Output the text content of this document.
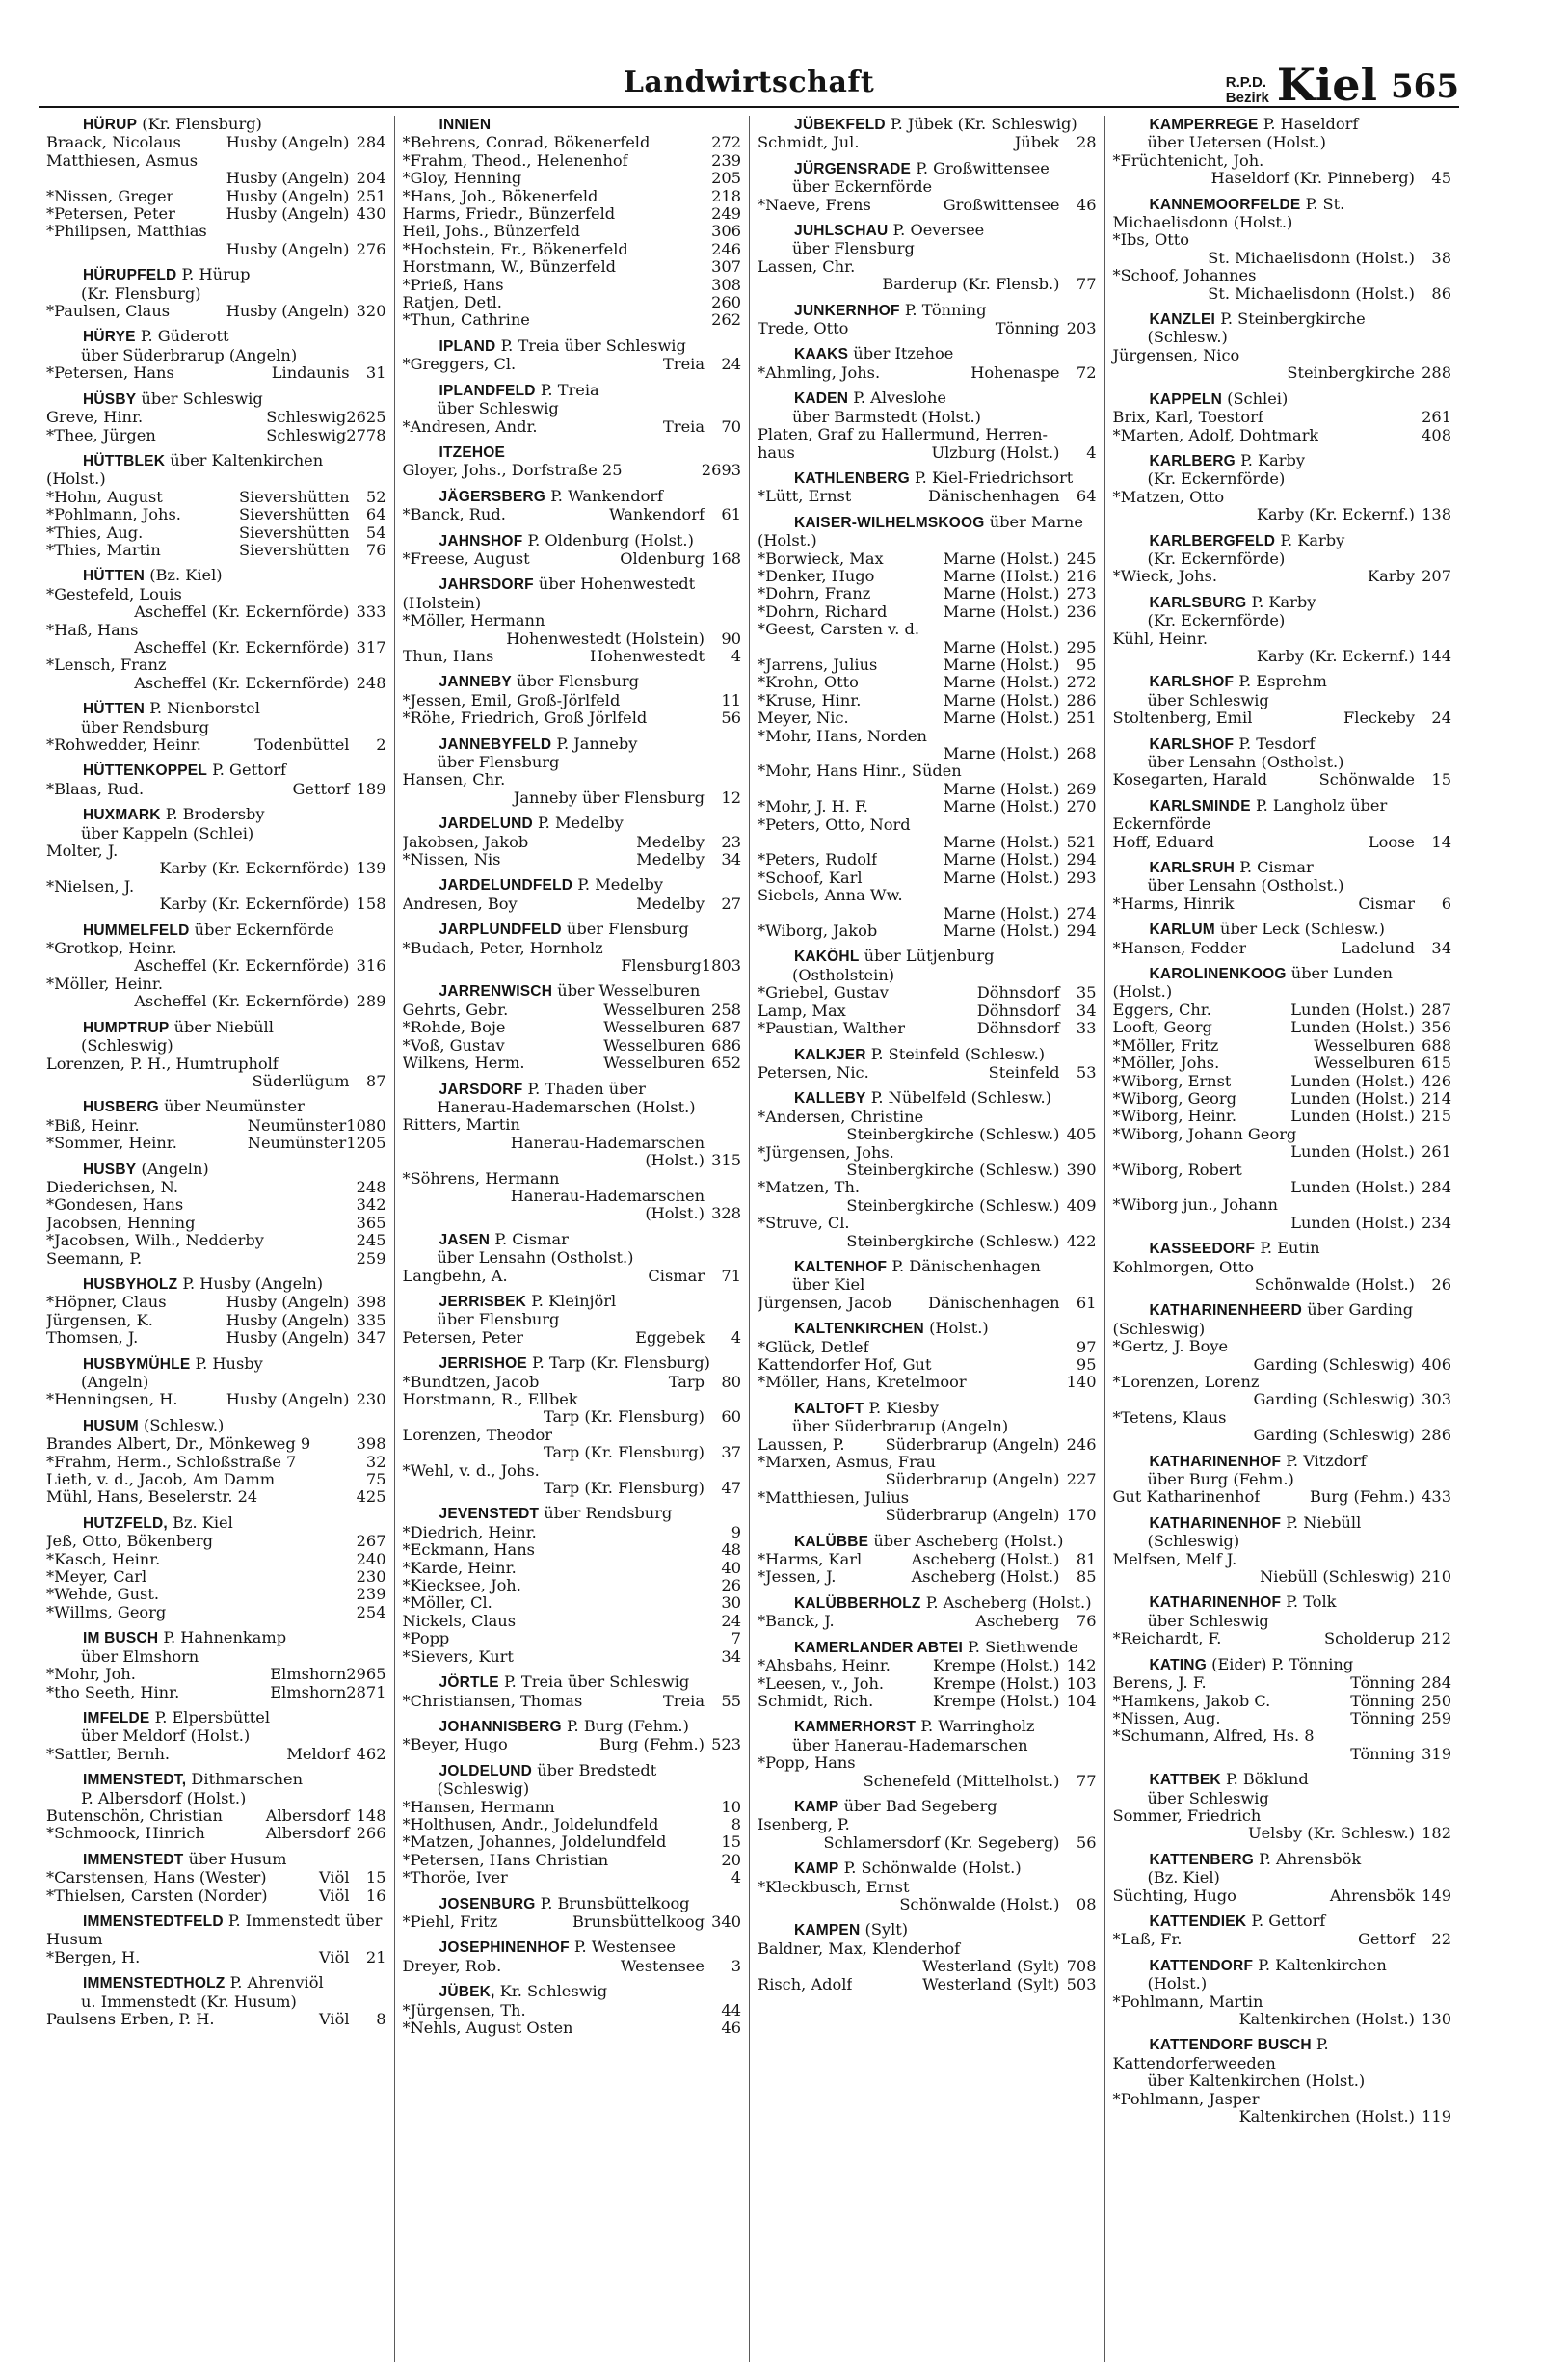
Landwirtschaft	R.P.D.
Bezirk Kiel 565
HÜRUP (Kr. Flensburg)
Braack, Nicolaus	Husby (Angeln) 284
Matthiesen, Asmus
Husby (Angeln) 204
*Nissen, Greger	Husby (Angeln) 251
*Petersen, Peter	Husby (Angeln) 430
*Philipsen, Matthias
Husby (Angeln) 276
HÜRUPFELD P. Hürup
(Kr. Flensburg)
*Paulsen, Claus	Husby (Angeln) 320
HÜRYE P. Güderott
über Süderbrarup (Angeln)
*Petersen, Hans	Lindaunis	31
HÜSBY über Schleswig
Greve, Hinr.	Schleswig 2625
*Thee, Jürgen	Schleswig 2778
HÜTTBLEK über Kaltenkirchen (Holst.)
*Hohn, August	Sievershütten	52
*Pohlmann, Johs.	Sievershütten	64
*Thies, Aug.	Sievershütten	54
*Thies, Martin	Sievershütten	76
HÜTTEN (Bz. Kiel)
*Gestefeld, Louis
Ascheffel (Kr. Eckernförde) 333
*Haß, Hans
Ascheffel (Kr. Eckernförde) 317
*Lensch, Franz
Ascheffel (Kr. Eckernförde) 248
HÜTTEN P. Nienborstel
über Rendsburg
*Rohwedder, Heinr.	Todenbüttel	2
HÜTTENKOPPEL P. Gettorf
*Blaas, Rud.	Gettorf 189
HUXMARK P. Brodersby
über Kappeln (Schlei)
Molter, J.
Karby (Kr. Eckernförde) 139
*Nielsen, J.
Karby (Kr. Eckernförde) 158
HUMMELFELD über Eckernförde
*Grotkop, Heinr.
Ascheffel (Kr. Eckernförde) 316
*Möller, Heinr.
Ascheffel (Kr. Eckernförde) 289
HUMPTRUP über Niebüll
(Schleswig)
Lorenzen, P. H., Humtrupholf
Süderlügum	87
HUSBERG über Neumünster
*Biß, Heinr.	Neumünster 1080
*Sommer, Heinr.	Neumünster 1205
HUSBY (Angeln)
Diederichsen, N.	248
*Gondesen, Hans	342
Jacobsen, Henning	365
*Jacobsen, Wilh., Nedderby	245
Seemann, P.	259
HUSBYHOLZ P. Husby (Angeln)
*Höpner, Claus	Husby (Angeln) 398
Jürgensen, K.	Husby (Angeln) 335
Thomsen, J.	Husby (Angeln) 347
HUSBYMÜHLE P. Husby
(Angeln)
*Henningsen, H.	Husby (Angeln) 230
HUSUM (Schlesw.)
Brandes Albert, Dr., Mönkeweg 9	398
*Frahm, Herm., Schloßstraße 7	32
Lieth, v. d., Jacob, Am Damm	75
Mühl, Hans, Beselerstr. 24	425
HUTZFELD, Bz. Kiel
Jeß, Otto, Bökenberg	267
*Kasch, Heinr.	240
*Meyer, Carl	230
*Wehde, Gust.	239
*Willms, Georg	254
IM BUSCH P. Hahnenkamp
über Elmshorn
*Mohr, Joh.	Elmshorn 2965
*tho Seeth, Hinr.	Elmshorn 2871
IMFELDE P. Elpersbüttel
über Meldorf (Holst.)
*Sattler, Bernh.	Meldorf 462
IMMENSTEDT, Dithmarschen
P. Albersdorf (Holst.)
Butenschön, Christian	Albersdorf 148
*Schmoock, Hinrich	Albersdorf 266
IMMENSTEDT über Husum
*Carstensen, Hans (Wester)	Viöl	15
*Thielsen, Carsten (Norder)	Viöl	16
IMMENSTEDTFELD P. Immenstedt über Husum
*Bergen, H.	Viöl	21
IMMENSTEDTHOLZ P. Ahrenviöl
u. Immenstedt (Kr. Husum)
Paulsens Erben, P. H.	Viöl	8
INNIEN
*Behrens, Conrad, Bökenerfeld	272
*Frahm, Theod., Helenenhof	239
*Gloy, Henning	205
*Hans, Joh., Bökenerfeld	218
Harms, Friedr., Bünzerfeld	249
Heil, Johs., Bünzerfeld	306
*Hochstein, Fr., Bökenerfeld	246
Horstmann, W., Bünzerfeld	307
*Prieß, Hans	308
Ratjen, Detl.	260
*Thun, Cathrine	262
IPLAND P. Treia über Schleswig
*Greggers, Cl.	Treia	24
IPLANDFELD P. Treia
über Schleswig
*Andresen, Andr.	Treia	70
ITZEHOE
Gloyer, Johs., Dorfstraße 25	2693
JÄGERSBERG P. Wankendorf
*Banck, Rud.	Wankendorf	61
JAHNSHOF P. Oldenburg (Holst.)
*Freese, August	Oldenburg 168
JAHRSDORF über Hohenwestedt (Holstein)
*Möller, Hermann
Hohenwestedt (Holstein)	90
Thun, Hans	Hohenwestedt	4
JANNEBY über Flensburg
*Jessen, Emil, Groß-Jörlfeld	11
*Röhe, Friedrich, Groß Jörlfeld	56
JANNEBYFELD P. Janneby
über Flensburg
Hansen, Chr.
Janneby über Flensburg	12
JARDELUND P. Medelby
Jakobsen, Jakob	Medelby	23
*Nissen, Nis	Medelby	34
JARDELUNDFELD P. Medelby
Andresen, Boy	Medelby	27
JARPLUNDFELD über Flensburg
*Budach, Peter, Hornholz
Flensburg 1803
JARRENWISCH über Wesselburen
Gehrts, Gebr.	Wesselburen 258
*Rohde, Boje	Wesselburen 687
*Voß, Gustav	Wesselburen 686
Wilkens, Herm.	Wesselburen 652
JARSDORF P. Thaden über
Hanerau-Hademarschen (Holst.)
Ritters, Martin
Hanerau-Hademarschen
(Holst.) 315
*Söhrens, Hermann
Hanerau-Hademarschen
(Holst.) 328
JASEN P. Cismar
über Lensahn (Ostholst.)
Langbehn, A.	Cismar	71
JERRISBEK P. Kleinjörl
über Flensburg
Petersen, Peter	Eggebek	4
JERRISHOE P. Tarp (Kr. Flensburg)
*Bundtzen, Jacob	Tarp	80
Horstmann, R., Ellbek
Tarp (Kr. Flensburg)	60
Lorenzen, Theodor
Tarp (Kr. Flensburg)	37
*Wehl, v. d., Johs.
Tarp (Kr. Flensburg)	47
JEVENSTEDT über Rendsburg
*Diedrich, Heinr.	9
*Eckmann, Hans	48
*Karde, Heinr.	40
*Kiecksee, Joh.	26
*Möller, Cl.	30
Nickels, Claus	24
*Popp	7
*Sievers, Kurt	34
JÖRTLE P. Treia über Schleswig
*Christiansen, Thomas	Treia	55
JOHANNISBERG P. Burg (Fehm.)
*Beyer, Hugo	Burg (Fehm.) 523
JOLDELUND über Bredstedt
(Schleswig)
*Hansen, Hermann	10
*Holthusen, Andr., Joldelundfeld	8
*Matzen, Johannes, Joldelundfeld	15
*Petersen, Hans Christian	20
*Thoröe, Iver	4
JOSENBURG P. Brunsbüttelkoog
*Piehl, Fritz	Brunsbüttelkoog 340
JOSEPHINENHOF P. Westensee
Dreyer, Rob.	Westensee	3
JÜBEK, Kr. Schleswig
*Jürgensen, Th.	44
*Nehls, August Osten	46
JÜBEKFELD P. Jübek (Kr. Schleswig)
Schmidt, Jul.	Jübek	28
JÜRGENSRADE P. Großwittensee
über Eckernförde
*Naeve, Frens	Großwittensee	46
JUHLSCHAU P. Oeversee
über Flensburg
Lassen, Chr.
Barderup (Kr. Flensb.)	77
JUNKERNHOF P. Tönning
Trede, Otto	Tönning 203
KAAKS über Itzehoe
*Ahmling, Johs.	Hohenaspe	72
KADEN P. Alveslohe
über Barmstedt (Holst.)
Platen, Graf zu Hallermund, Herren-
haus	Ulzburg (Holst.)	4
KATHLENBERG P. Kiel-Friedrichsort
*Lütt, Ernst	Dänischenhagen	64
KAISER-WILHELMSKOOG über Marne (Holst.)
*Borwieck, Max	Marne (Holst.) 245
*Denker, Hugo	Marne (Holst.) 216
*Dohrn, Franz	Marne (Holst.) 273
*Dohrn, Richard	Marne (Holst.) 236
*Geest, Carsten v. d.
Marne (Holst.) 295
*Jarrens, Julius	Marne (Holst.)	95
*Krohn, Otto	Marne (Holst.) 272
*Kruse, Hinr.	Marne (Holst.) 286
Meyer, Nic.	Marne (Holst.) 251
*Mohr, Hans, Norden
Marne (Holst.) 268
*Mohr, Hans Hinr., Süden
Marne (Holst.) 269
*Mohr, J. H. F.	Marne (Holst.) 270
*Peters, Otto, Nord
Marne (Holst.) 521
*Peters, Rudolf	Marne (Holst.) 294
*Schoof, Karl	Marne (Holst.) 293
Siebels, Anna Ww.
Marne (Holst.) 274
*Wiborg, Jakob	Marne (Holst.) 294
KAKÖHL über Lütjenburg
(Ostholstein)
*Griebel, Gustav	Döhnsdorf	35
Lamp, Max	Döhnsdorf	34
*Paustian, Walther	Döhnsdorf	33
KALKJER P. Steinfeld (Schlesw.)
Petersen, Nic.	Steinfeld	53
KALLEBY P. Nübelfeld (Schlesw.)
*Andersen, Christine
Steinbergkirche (Schlesw.) 405
*Jürgensen, Johs.
Steinbergkirche (Schlesw.) 390
*Matzen, Th.
Steinbergkirche (Schlesw.) 409
*Struve, Cl.
Steinbergkirche (Schlesw.) 422
KALTENHOF P. Dänischenhagen
über Kiel
Jürgensen, Jacob	Dänischenhagen	61
KALTENKIRCHEN (Holst.)
*Glück, Detlef	97
Kattendorfer Hof, Gut	95
*Möller, Hans, Kretelmoor	140
KALTOFT P. Kiesby
über Süderbrarup (Angeln)
Laussen, P.	Süderbrarup (Angeln) 246
*Marxen, Asmus, Frau
Süderbrarup (Angeln) 227
*Matthiesen, Julius
Süderbrarup (Angeln) 170
KALÜBBE über Ascheberg (Holst.)
*Harms, Karl	Ascheberg (Holst.)	81
*Jessen, J.	Ascheberg (Holst.)	85
KALÜBBERHOLZ P. Ascheberg (Holst.)
*Banck, J.	Ascheberg	76
KAMERLANDER ABTEI P. Siethwende
*Ahsbahs, Heinr.	Krempe (Holst.) 142
*Leesen, v., Joh.	Krempe (Holst.) 103
Schmidt, Rich.	Krempe (Holst.) 104
KAMMERHORST P. Warringholz
über Hanerau-Hademarschen
*Popp, Hans
Schenefeld (Mittelholst.)	77
KAMP über Bad Segeberg
Isenberg, P.
Schlamersdorf (Kr. Segeberg)	56
KAMP P. Schönwalde (Holst.)
*Kleckbusch, Ernst
Schönwalde (Holst.)	08
KAMPEN (Sylt)
Baldner, Max, Klenderhof
Westerland (Sylt) 708
Risch, Adolf	Westerland (Sylt) 503
KAMPERREGE P. Haseldorf
über Uetersen (Holst.)
*Früchtenicht, Joh.
Haseldorf (Kr. Pinneberg)	45
KANNEMOORFELDE P. St. Michaelisdonn (Holst.)
*Ibs, Otto
St. Michaelisdonn (Holst.)	38
*Schoof, Johannes
St. Michaelisdonn (Holst.)	86
KANZLEI P. Steinbergkirche
(Schlesw.)
Jürgensen, Nico
Steinbergkirche 288
KAPPELN (Schlei)
Brix, Karl, Toestorf	261
*Marten, Adolf, Dohtmark	408
KARLBERG P. Karby
(Kr. Eckernförde)
*Matzen, Otto
Karby (Kr. Eckernf.) 138
KARLBERGFELD P. Karby
(Kr. Eckernförde)
*Wieck, Johs.	Karby 207
KARLSBURG P. Karby
(Kr. Eckernförde)
Kühl, Heinr.
Karby (Kr. Eckernf.) 144
KARLSHOF P. Esprehm
über Schleswig
Stoltenberg, Emil	Fleckeby	24
KARLSHOF P. Tesdorf
über Lensahn (Ostholst.)
Kosegarten, Harald	Schönwalde	15
KARLSMINDE P. Langholz über Eckernförde
Hoff, Eduard	Loose	14
KARLSRUH P. Cismar
über Lensahn (Ostholst.)
*Harms, Hinrik	Cismar	6
KARLUM über Leck (Schlesw.)
*Hansen, Fedder	Ladelund	34
KAROLINENKOOG über Lunden (Holst.)
Eggers, Chr.	Lunden (Holst.) 287
Looft, Georg	Lunden (Holst.) 356
*Möller, Fritz	Wesselburen 688
*Möller, Johs.	Wesselburen 615
*Wiborg, Ernst	Lunden (Holst.) 426
*Wiborg, Georg	Lunden (Holst.) 214
*Wiborg, Heinr.	Lunden (Holst.) 215
*Wiborg, Johann Georg
Lunden (Holst.) 261
*Wiborg, Robert
Lunden (Holst.) 284
*Wiborg jun., Johann
Lunden (Holst.) 234
KASSEEDORF P. Eutin
Kohlmorgen, Otto
Schönwalde (Holst.)	26
KATHARINENHEERD über Garding (Schleswig)
*Gertz, J. Boye
Garding (Schleswig) 406
*Lorenzen, Lorenz
Garding (Schleswig) 303
*Tetens, Klaus
Garding (Schleswig) 286
KATHARINENHOF P. Vitzdorf
über Burg (Fehm.)
Gut Katharinenhof	Burg (Fehm.) 433
KATHARINENHOF P. Niebüll
(Schleswig)
Melfsen, Melf J.
Niebüll (Schleswig) 210
KATHARINENHOF P. Tolk
über Schleswig
*Reichardt, F.	Scholderup 212
KATING (Eider) P. Tönning
Berens, J. F.	Tönning 284
*Hamkens, Jakob C.	Tönning 250
*Nissen, Aug.	Tönning 259
*Schumann, Alfred, Hs. 8
Tönning 319
KATTBEK P. Böklund
über Schleswig
Sommer, Friedrich
Uelsby (Kr. Schlesw.) 182
KATTENBERG P. Ahrensbök
(Bz. Kiel)
Süchting, Hugo	Ahrensbök 149
KATTENDIEK P. Gettorf
*Laß, Fr.	Gettorf	22
KATTENDORF P. Kaltenkirchen
(Holst.)
*Pohlmann, Martin
Kaltenkirchen (Holst.) 130
KATTENDORF BUSCH P. Kattendorferweeden
über Kaltenkirchen (Holst.)
*Pohlmann, Jasper
Kaltenkirchen (Holst.) 119
